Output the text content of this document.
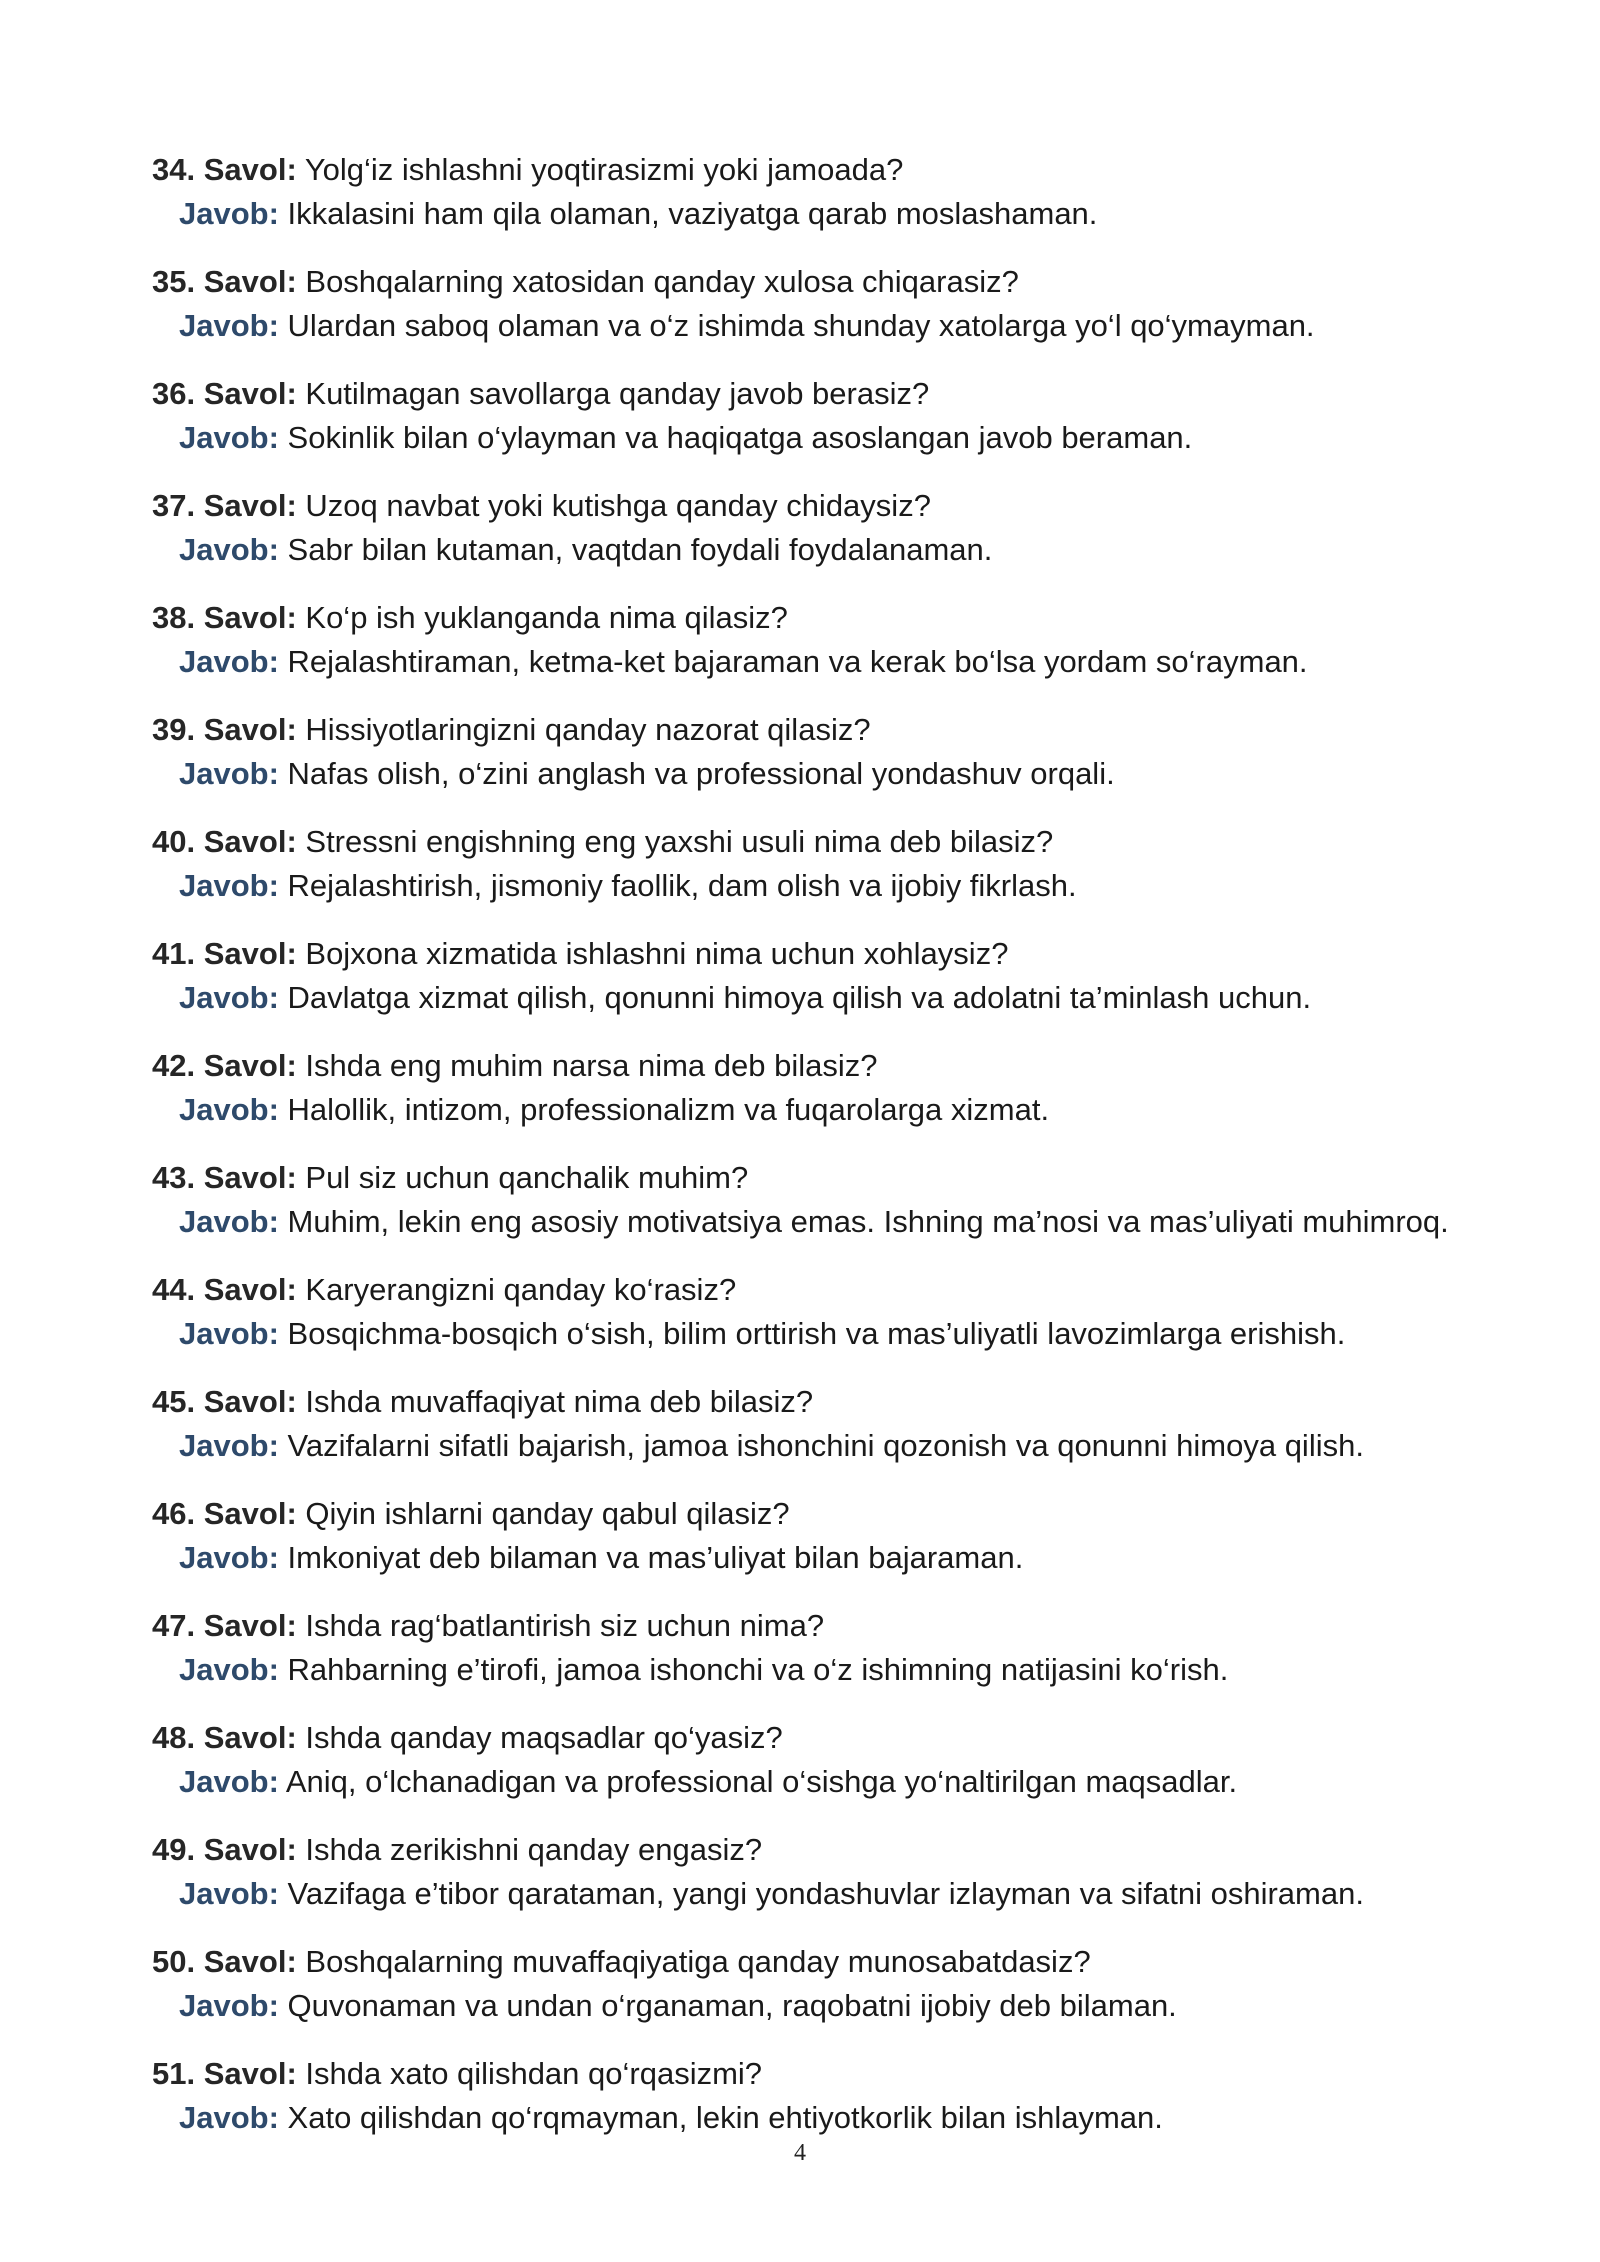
34. Savol: Yolg‘iz ishlashni yoqtirasizmi yoki jamoada?

Javob: Ikkalasini ham qila olaman, vaziyatga qarab moslashaman.

35. Savol: Boshqalarning xatosidan qanday xulosa chiqarasiz?

Javob: Ulardan saboq olaman va o‘z ishimda shunday xatolarga yo‘l qo‘ymayman.

36. Savol: Kutilmagan savollarga qanday javob berasiz?

Javob: Sokinlik bilan o‘ylayman va haqiqatga asoslangan javob beraman.

37. Savol: Uzoq navbat yoki kutishga qanday chidaysiz?

Javob: Sabr bilan kutaman, vaqtdan foydali foydalanaman.

38. Savol: Ko‘p ish yuklanganda nima qilasiz?

Javob: Rejalashtiraman, ketma-ket bajaraman va kerak bo‘lsa yordam so‘rayman.

39. Savol: Hissiyotlaringizni qanday nazorat qilasiz?

Javob: Nafas olish, o‘zini anglash va professional yondashuv orqali.

40. Savol: Stressni engishning eng yaxshi usuli nima deb bilasiz?

Javob: Rejalashtirish, jismoniy faollik, dam olish va ijobiy fikrlash.

41. Savol: Bojxona xizmatida ishlashni nima uchun xohlaysiz?

Javob: Davlatga xizmat qilish, qonunni himoya qilish va adolatni ta’minlash uchun.

42. Savol: Ishda eng muhim narsa nima deb bilasiz?

Javob: Halollik, intizom, professionalizm va fuqarolarga xizmat.

43. Savol: Pul siz uchun qanchalik muhim?

Javob: Muhim, lekin eng asosiy motivatsiya emas. Ishning ma’nosi va mas’uliyati muhimroq.

44. Savol: Karyerangizni qanday ko‘rasiz?

Javob: Bosqichma-bosqich o‘sish, bilim orttirish va mas’uliyatli lavozimlarga erishish.

45. Savol: Ishda muvaffaqiyat nima deb bilasiz?

Javob: Vazifalarni sifatli bajarish, jamoa ishonchini qozonish va qonunni himoya qilish.

46. Savol: Qiyin ishlarni qanday qabul qilasiz?

Javob: Imkoniyat deb bilaman va mas’uliyat bilan bajaraman.

47. Savol: Ishda rag‘batlantirish siz uchun nima?

Javob: Rahbarning e’tirofi, jamoa ishonchi va o‘z ishimning natijasini ko‘rish.

48. Savol: Ishda qanday maqsadlar qo‘yasiz?

Javob: Aniq, o‘lchanadigan va professional o‘sishga yo‘naltirilgan maqsadlar.

49. Savol: Ishda zerikishni qanday engasiz?

Javob: Vazifaga e’tibor qarataman, yangi yondashuvlar izlayman va sifatni oshiraman.

50. Savol: Boshqalarning muvaffaqiyatiga qanday munosabatdasiz?

Javob: Quvonaman va undan o‘rganaman, raqobatni ijobiy deb bilaman.

51. Savol: Ishda xato qilishdan qo‘rqasizmi?

Javob: Xato qilishdan qo‘rqmayman, lekin ehtiyotkorlik bilan ishlayman.

4
